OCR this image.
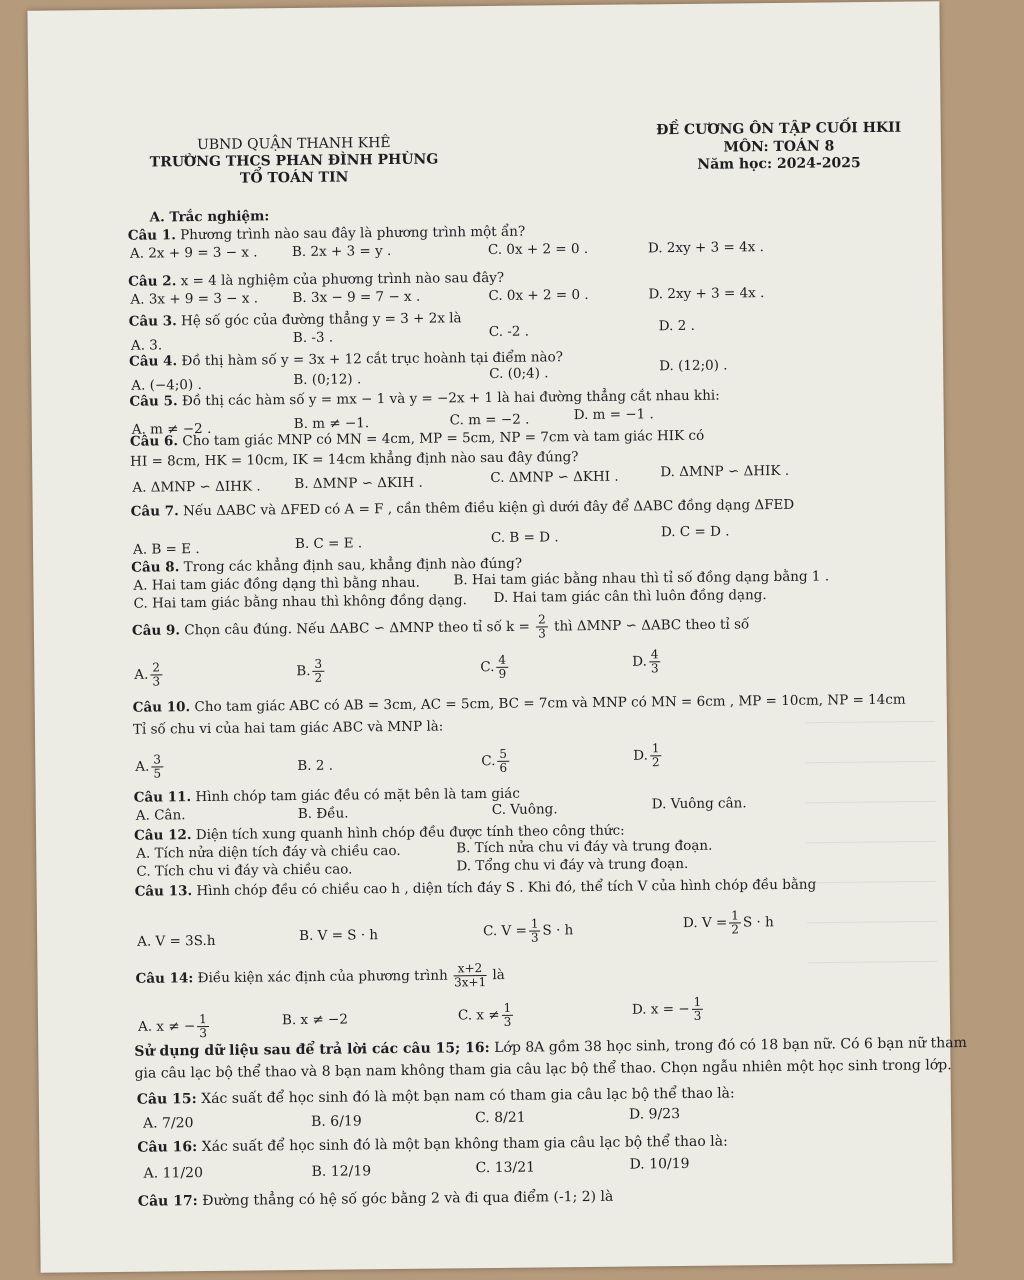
UBND QUẬN THANH KHÊ
TRƯỜNG THCS PHAN ĐÌNH PHÙNG
TỔ TOÁN TIN
ĐỀ CƯƠNG ÔN TẬP CUỐI HKII
MÔN: TOÁN 8
Năm học: 2024-2025
A. Trắc nghiệm:
Câu 1. Phương trình nào sau đây là phương trình một ẩn?
A. 2x + 9 = 3 − x .	B. 2x + 3 = y .	C. 0x + 2 = 0 .	D. 2xy + 3 = 4x .
Câu 2. x = 4 là nghiệm của phương trình nào sau đây?
A. 3x + 9 = 3 − x .	B. 3x − 9 = 7 − x .	C. 0x + 2 = 0 .	D. 2xy + 3 = 4x .
Câu 3. Hệ số góc của đường thẳng y = 3 + 2x là
A. 3.	B. -3 .	C. -2 .	D. 2 .
Câu 4. Đồ thị hàm số y = 3x + 12 cắt trục hoành tại điểm nào?
A. (−4;0) .	B. (0;12) .	C. (0;4) .	D. (12;0) .
Câu 5. Đồ thị các hàm số y = mx − 1 và y = −2x + 1 là hai đường thẳng cắt nhau khi:
A. m ≠ −2 .	B. m ≠ −1.	C. m = −2 .	D. m = −1 .
Câu 6. Cho tam giác MNP có MN = 4cm, MP = 5cm, NP = 7cm và tam giác HIK có
HI = 8cm, HK = 10cm, IK = 14cm khẳng định nào sau đây đúng?
A. ΔMNP ∽ ΔIHK . B. ΔMNP ∽ ΔKIH .	C. ΔMNP ∽ ΔKHI .	D. ΔMNP ∽ ΔHIK .
Câu 7. Nếu ΔABC và ΔFED có A = F , cần thêm điều kiện gì dưới đây để ΔABC đồng dạng ΔFED
A. B = E .	B. C = E .	C. B = D .	D. C = D .
Câu 8. Trong các khẳng định sau, khẳng định nào đúng?
A. Hai tam giác đồng dạng thì bằng nhau. B. Hai tam giác bằng nhau thì tỉ số đồng dạng bằng 1 .
C. Hai tam giác bằng nhau thì không đồng dạng. D. Hai tam giác cân thì luôn đồng dạng.
Câu 9. Chọn câu đúng. Nếu ΔABC ∽ ΔMNP theo tỉ số $k = \frac{2}{3}$ thì ΔMNP ∽ ΔABC theo tỉ số
A. $\frac{2}{3}$	B. $\frac{3}{2}$	C. $\frac{4}{9}$	D. $\frac{4}{3}$
Câu 10. Cho tam giác ABC có AB = 3cm, AC = 5cm, BC = 7cm và MNP có MN = 6cm , MP = 10cm, NP = 14cm
Tỉ số chu vi của hai tam giác ABC và MNP là:
A. $\frac{3}{5}$	B. 2 .	C. $\frac{5}{6}$	D. $\frac{1}{2}$
Câu 11. Hình chóp tam giác đều có mặt bên là tam giác
A. Cân.	B. Đều.	C. Vuông.	D. Vuông cân.
Câu 12. Diện tích xung quanh hình chóp đều được tính theo công thức:
A. Tích nửa diện tích đáy và chiều cao.	B. Tích nửa chu vi đáy và trung đoạn.
C. Tích chu vi đáy và chiều cao.	D. Tổng chu vi đáy và trung đoạn.
Câu 13. Hình chóp đều có chiều cao h , diện tích đáy S . Khi đó, thể tích V của hình chóp đều bằng
A. V = 3S.h	B. V = S · h	C. $V = \frac{1}{3}$ S · h	D. $V = \frac{1}{2}$ S · h
Câu 14: Điều kiện xác định của phương trình $\frac{x+2}{3x+1}$ là
A. x ≠ − $\frac{1}{3}$	B. x ≠ −2	C. $x \ne \frac{1}{3}$	D. x = − $\frac{1}{3}$
Sử dụng dữ liệu sau để trả lời các câu 15; 16: Lớp 8A gồm 38 học sinh, trong đó có 18 bạn nữ. Có 6 bạn nữ tham
gia câu lạc bộ thể thao và 8 bạn nam không tham gia câu lạc bộ thể thao. Chọn ngẫu nhiên một học sinh trong lớp.
Câu 15: Xác suất để học sinh đó là một bạn nam có tham gia câu lạc bộ thể thao là:
A. 7/20	B. 6/19	C. 8/21	D. 9/23
Câu 16: Xác suất để học sinh đó là một bạn không tham gia câu lạc bộ thể thao là:
A. 11/20	B. 12/19	C. 13/21	D. 10/19
Câu 17: Đường thẳng có hệ số góc bằng 2 và đi qua điểm (-1; 2) là
